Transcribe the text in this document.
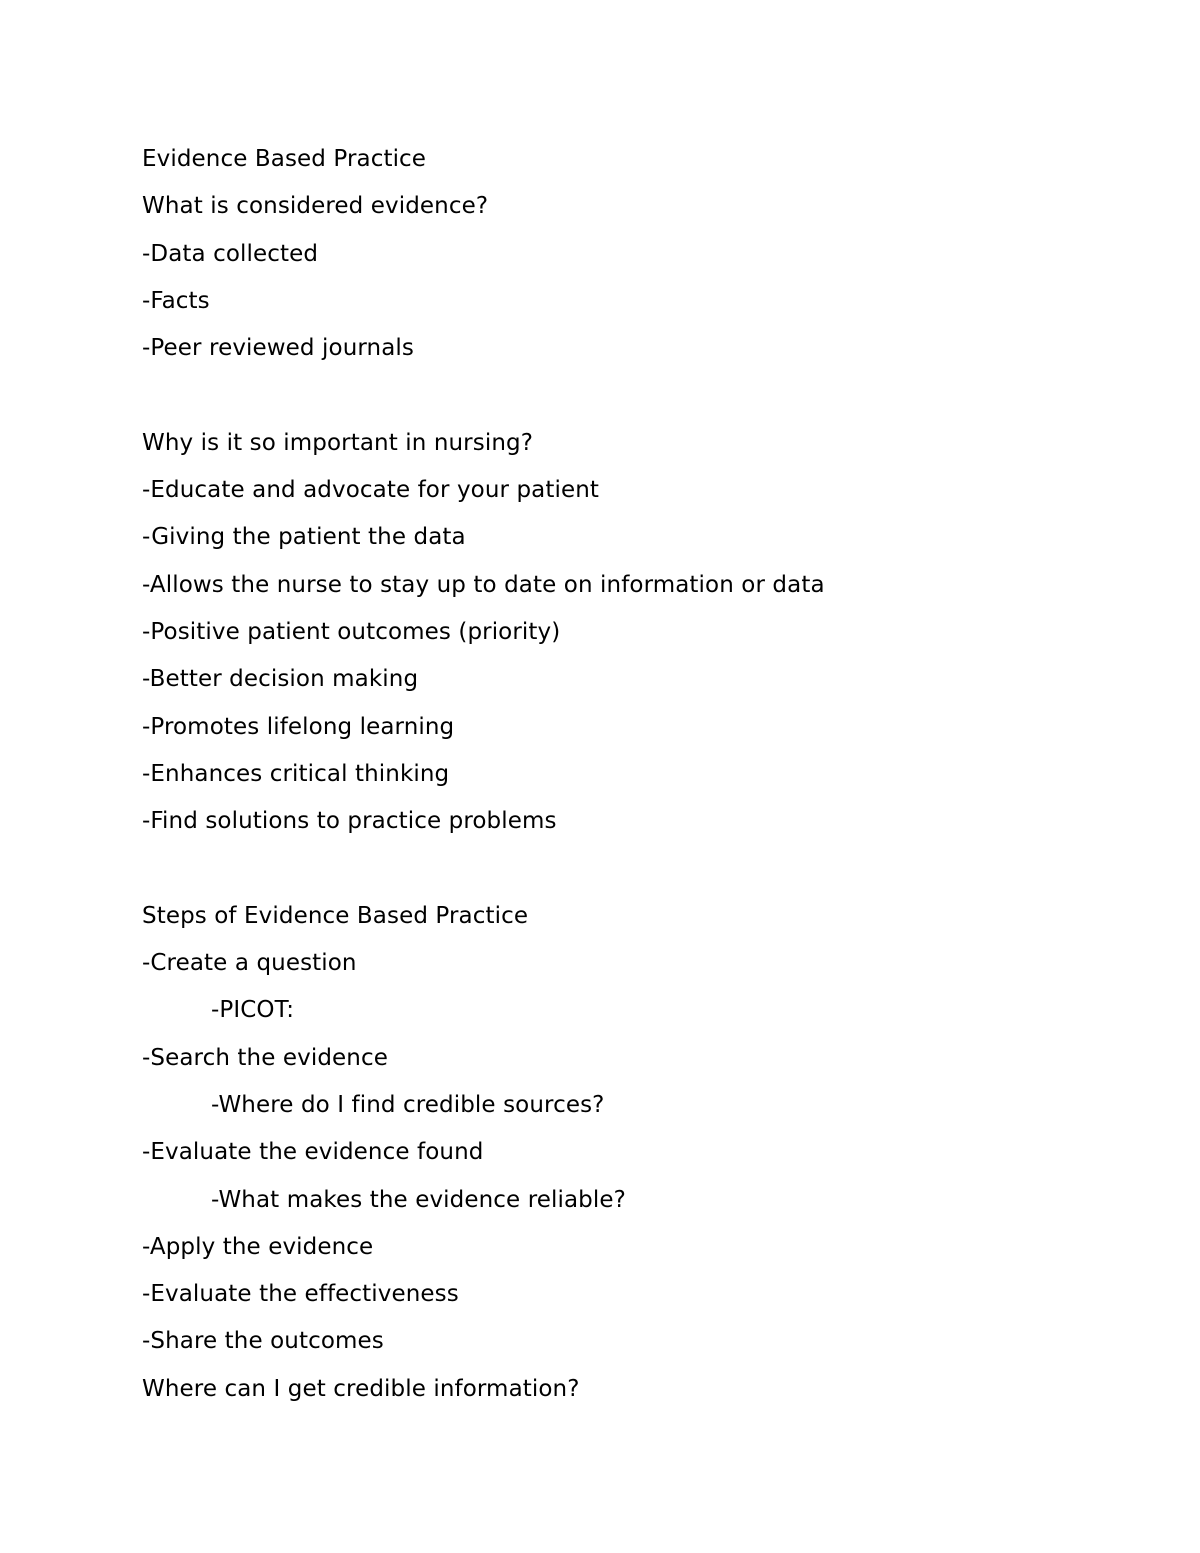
Evidence Based Practice
What is considered evidence?
-Data collected
-Facts
-Peer reviewed journals
Why is it so important in nursing?
-Educate and advocate for your patient
-Giving the patient the data
-Allows the nurse to stay up to date on information or data
-Positive patient outcomes (priority)
-Better decision making
-Promotes lifelong learning
-Enhances critical thinking
-Find solutions to practice problems
Steps of Evidence Based Practice
-Create a question
-PICOT:
-Search the evidence
-Where do I find credible sources?
-Evaluate the evidence found
-What makes the evidence reliable?
-Apply the evidence
-Evaluate the effectiveness
-Share the outcomes
Where can I get credible information?
